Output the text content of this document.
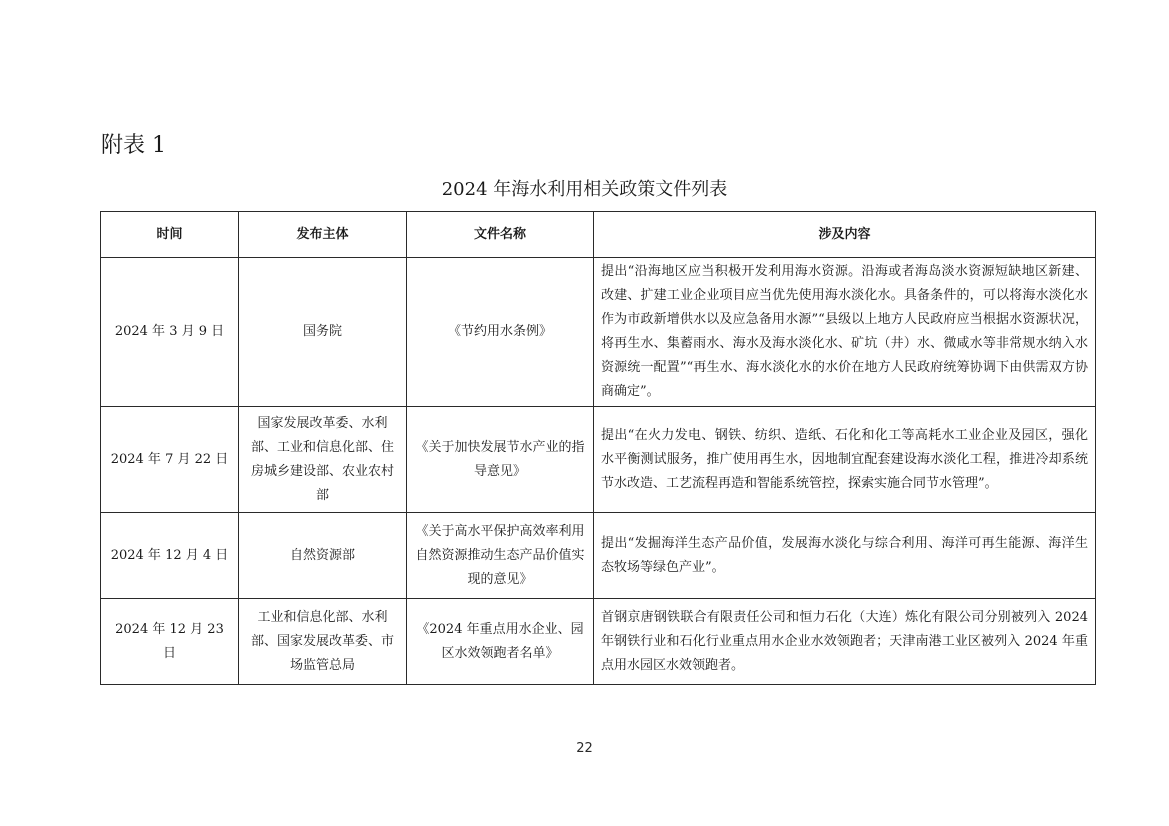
附表 1
2024 年海水利用相关政策文件列表
时间	发布主体	文件名称	涉及内容
2024 年 3 月 9 日	国务院	《节约用水条例》	提出“沿海地区应当积极开发利用海水资源。沿海或者海岛淡水资源短缺地区新建、改建、扩建工业企业项目应当优先使用海水淡化水。具备条件的，可以将海水淡化水作为市政新增供水以及应急备用水源”“县级以上地方人民政府应当根据水资源状况，将再生水、集蓄雨水、海水及海水淡化水、矿坑（井）水、微咸水等非常规水纳入水资源统一配置”“再生水、海水淡化水的水价在地方人民政府统筹协调下由供需双方协商确定”。
2024 年 7 月 22 日	国家发展改革委、水利部、工业和信息化部、住房城乡建设部、农业农村部	《关于加快发展节水产业的指导意见》	提出“在火力发电、钢铁、纺织、造纸、石化和化工等高耗水工业企业及园区，强化水平衡测试服务，推广使用再生水，因地制宜配套建设海水淡化工程，推进冷却系统节水改造、工艺流程再造和智能系统管控，探索实施合同节水管理”。
2024 年 12 月 4 日	自然资源部	《关于高水平保护高效率利用自然资源推动生态产品价值实现的意见》	提出“发掘海洋生态产品价值，发展海水淡化与综合利用、海洋可再生能源、海洋生态牧场等绿色产业”。
2024 年 12 月 23 日	工业和信息化部、水利部、国家发展改革委、市场监管总局	《2024 年重点用水企业、园区水效领跑者名单》	首钢京唐钢铁联合有限责任公司和恒力石化（大连）炼化有限公司分别被列入 2024 年钢铁行业和石化行业重点用水企业水效领跑者；天津南港工业区被列入 2024 年重点用水园区水效领跑者。
22
